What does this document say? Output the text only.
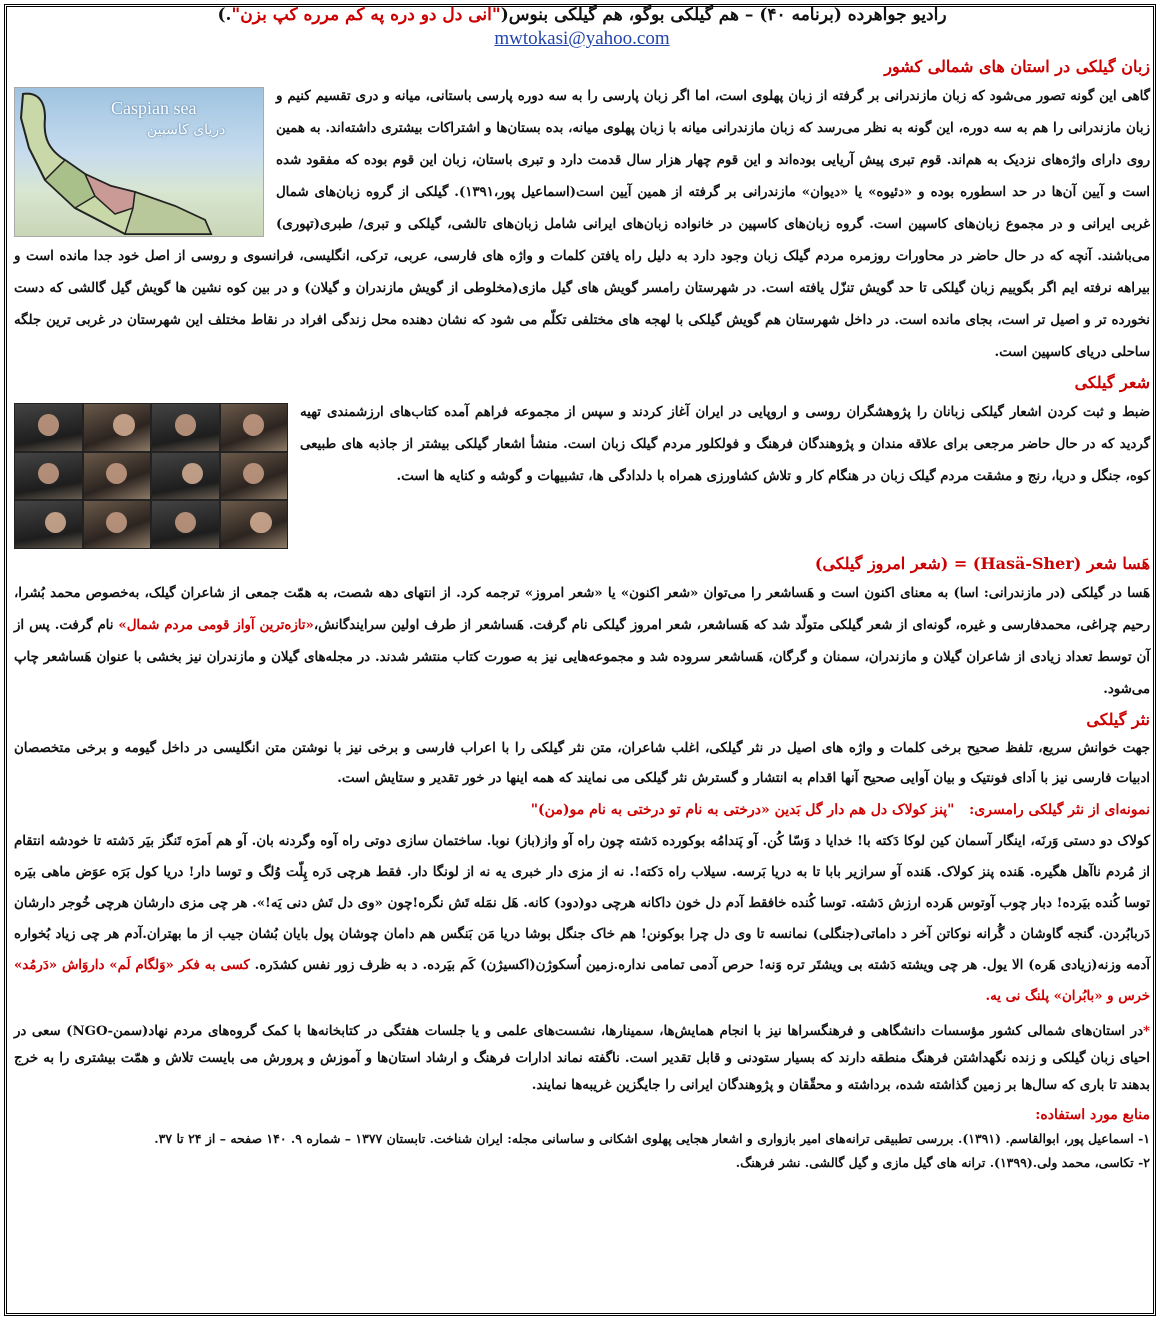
رادیو جواهرده (برنامه ۴۰) – هم گیلکی بوگو، هم گیلکی بنوس("انی دل دو دره په کم مرره کپ بزن".)
mwtokasi@yahoo.com
زبان گیلکی در استان های شمالی کشور
Caspian sea
دریای کاسپین

گاهی این گونه تصور می‌شود که زبان مازندرانی بر گرفته از زبان پهلوی است، اما اگر زبان پارسی را به سه دوره پارسی باستانی، میانه و دری تقسیم کنیم و زبان مازندرانی را هم به سه دوره، این گونه به نظر می‌رسد که زبان مازندرانی میانه با زبان پهلوی میانه، بده بستان‌ها و اشتراکات بیشتری داشته‌اند. به همین روی دارای واژه‌های نزدیک به هم‌اند. قوم تبری پیش آریایی بوده‌اند و این قوم چهار هزار سال قدمت دارد و تبری باستان، زبان این قوم بوده که مفقود شده است و آیین آن‌ها در حد اسطوره بوده و «دئیوه» یا «دیوان» مازندرانی بر گرفته از همین آیین است(اسماعیل پور،۱۳۹۱). گیلکی از گروه زبان‌های شمال غربی ایرانی و در مجموع زبان‌های کاسپین است. گروه زبان‌های کاسپین در خانواده زبان‌های ایرانی شامل زبان‌های تالشی، گیلکی و تبری/ طبری(تپوری) می‌باشند. آنچه که در حال حاضر در محاورات روزمره مردم گیلک زبان وجود دارد به دلیل راه یافتن کلمات و واژه های فارسی، عربی، ترکی، انگلیسی، فرانسوی و روسی از اصل خود جدا مانده است و بیراهه نرفته ایم اگر بگوییم زبان گیلکی تا حد گویش تنزّل یافته است. در شهرستان رامسر گویش های گیل مازی(مخلوطی از گویش مازندران و گیلان) و در بین کوه نشین ها گویش گیل گالشی که دست نخورده تر و اصیل تر است، بجای مانده است. در داخل شهرستان هم گویش گیلکی با لهجه های مختلفی تکلّم می شود که نشان دهنده محل زندگی افراد در نقاط مختلف این شهرستان در غربی ترین جلگه ساحلی دریای کاسپین است.

شعر گیلکی

ضبط و ثبت کردن اشعار گیلکی زبانان را پژوهشگران روسی و اروپایی در ایران آغاز کردند و سپس از مجموعه فراهم آمده کتاب‌های ارزشمندی تهیه گردید که در حال حاضر مرجعی برای علاقه مندان و پژوهندگان فرهنگ و فولکلور مردم گیلک زبان است. منشأ اشعار گیلکی بیشتر از جاذبه های طبیعی کوه، جنگل و دریا، رنج و مشقت مردم گیلک زبان در هنگام کار و تلاش کشاورزی همراه با دلدادگی ها، تشبیهات و گوشه و کنایه ها است.

هَسا شعر (Hasä-Sher) = (شعر امروز گیلکی)

هَسا در گیلکی (در مازندرانی: اسا) به معنای اکنون است و هَساشعر را می‌توان «شعر اکنون» یا «شعر امروز» ترجمه کرد. از انتهای دهه شصت، به همّت جمعی از شاعران گیلک، به‌خصوص محمد بُشرا، رحیم چراغی، محمدفارسی و غیره، گونه‌ای از شعر گیلکی متولّد شد که هَساشعر، شعر امروز گیلکی نام گرفت. هَساشعر از طرف اولین سرایندگانش،«تازه‌ترین آواز قومی مردم شمال» نام گرفت. پس از آن توسط تعداد زیادی از شاعران گیلان و مازندران، سمنان و گرگان، هَساشعر سروده شد و مجموعه‌هایی نیز به صورت کتاب منتشر شدند. در مجله‌های گیلان و مازندران نیز بخشی با عنوان هَساشعر چاپ می‌شود.

نثر گیلکی

جهت خوانش سریع، تلفظ صحیح برخی کلمات و واژه های اصیل در نثر گیلکی، اغلب شاعران، متن نثر گیلکی را با اعراب فارسی و برخی نیز با نوشتن متن انگلیسی در داخل گیومه و برخی متخصصان ادبیات فارسی نیز با اَدای فونتیک و بیان آوایی صحیح آنها اقدام به انتشار و گسترش نثر گیلکی می نمایند که همه اینها در خور تقدیر و ستایش است.

نمونه‌ای از نثر گیلکی رامسری:   "پنز کولاک دل هم دار گل بَدین «درختی به نام تو درختی به نام مو(من)"

کولاک دو دستی وَرنَه، اینگار آسمان کین لوکا دَکته با! خدایا د وَسّا کُن. آو پَندامُه بوکورده دَشته چون راه آو واز(باز) نوبا. ساختمان سازی دوتی راه آوه وگردنه بان. آو هم اَمرَه تَنگز بیَر دَشته تا خودشه انتقام از مُردم ناآهل هگیره. هَنده پنز کولاک. هَنده آو سرازیر بابا تا به دریا بَرسه. سیلاب راه دَکته!. نه از مزی دار خبری یه نه از لونگا دار. فقط هرچی دَره پِلّت وُلگ و توسا دار! دریا کول بَرَه عوَض ماهی بیَره توسا کُنده بیَرده! دبار چوب آوتوس هَرده ارزش دَشته. توسا کُنده خافقط آدم دل خون داکانه هرچی دو(دود) کانه. هَل نمَله تَش نگره!چون «وی دل تَش دنی یَه!». هر چی مزی دارشان هرچی خُوجر دارشان دَربابُردن. گنجه گاوشان د گُرانه نوکاتن آخر د داماتی(جنگلی) نمانسه تا وی دل چرا بوکونن! هم خاک جنگل بوشا دریا مَن بَنگس هم دامان چوشان پول بایان بُشان جیب از ما بهتران.آدم هر چی زیاد بُخواره آدمه وزنه(زیادی هَره) الا یول. هر چی ویشته دَشته بی ویشتَر تره وَنه! حرص آدمی تمامی نداره.زمین اُسکوژن(اکسیژن) کَم بیَرده. د به ظرف زور نفس کشدَره. کسی به فکر «وَلگام لَم» داروَاش «دَرمُد» خرس و «بابُران» پلنگ نی یه.

*در استان‌های شمالی کشور مؤسسات دانشگاهی و فرهنگسراها نیز با انجام همایش‌ها، سمینارها، نشست‌های علمی و یا جلسات هفتگی در کتابخانه‌ها با کمک گروه‌های مردم نهاد(سمن-NGO) سعی در احیای زبان گیلکی و زنده نگهداشتن فرهنگ منطقه دارند که بسیار ستودنی و قابل تقدیر است. ناگفته نماند ادارات فرهنگ و ارشاد استان‌ها و آموزش و پرورش می بایست تلاش و همّت بیشتری را به خرج بدهند تا باری که سال‌ها بر زمین گذاشته شده، برداشته و محقّقان و پژوهندگان ایرانی را جایگزین غریبه‌ها نمایند.

منابع مورد استفاده:

۱- اسماعیل پور، ابوالقاسم. (۱۳۹۱). بررسی تطبیقی ترانه‌های امیر بازواری و اشعار هجایی پهلوی اشکانی و ساسانی مجله: ایران شناخت. تابستان ۱۳۷۷ – شماره ۹. ۱۴۰ صفحه – از ۲۴ تا ۳۷.

۲- تکاسی، محمد ولی.(۱۳۹۹). ترانه های گیل مازی و گیل گالشی. نشر فرهنگ.
